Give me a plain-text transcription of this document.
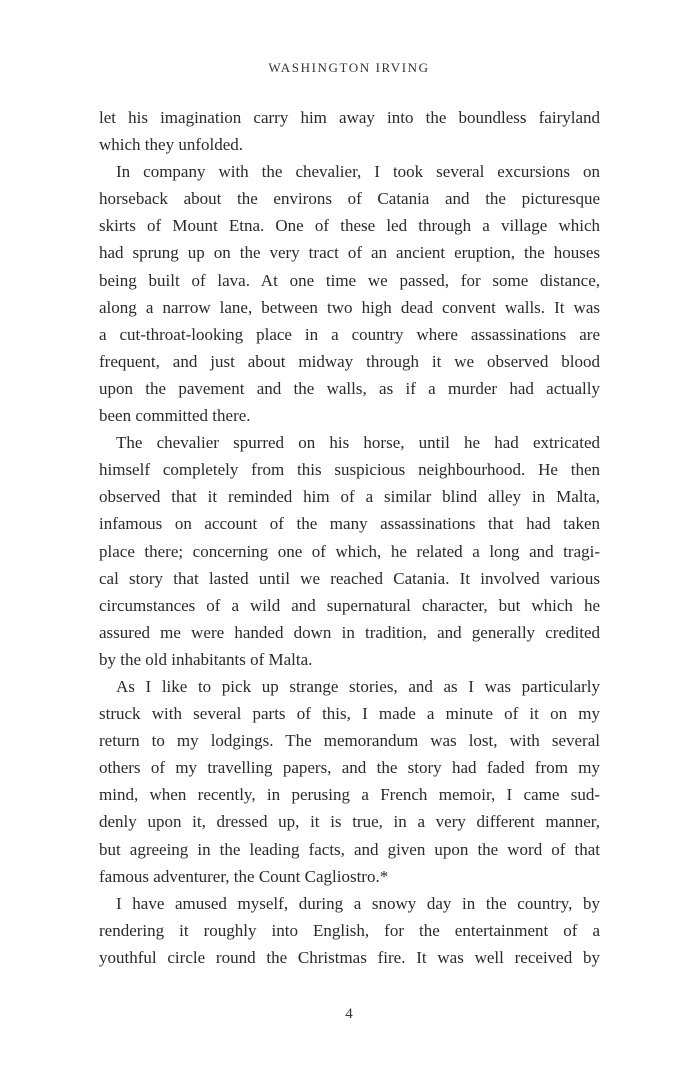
WASHINGTON IRVING
let his imagination carry him away into the boundless fairyland
which they unfolded.
In company with the chevalier, I took several excursions on
horseback about the environs of Catania and the picturesque
skirts of Mount Etna. One of these led through a village which
had sprung up on the very tract of an ancient eruption, the houses
being built of lava. At one time we passed, for some distance,
along a narrow lane, between two high dead convent walls. It was
a cut-throat-looking place in a country where assassinations are
frequent, and just about midway through it we observed blood
upon the pavement and the walls, as if a murder had actually
been committed there.
The chevalier spurred on his horse, until he had extricated
himself completely from this suspicious neighbourhood. He then
observed that it reminded him of a similar blind alley in Malta,
infamous on account of the many assassinations that had taken
place there; concerning one of which, he related a long and tragi-
cal story that lasted until we reached Catania. It involved various
circumstances of a wild and supernatural character, but which he
assured me were handed down in tradition, and generally credited
by the old inhabitants of Malta.
As I like to pick up strange stories, and as I was particularly
struck with several parts of this, I made a minute of it on my
return to my lodgings. The memorandum was lost, with several
others of my travelling papers, and the story had faded from my
mind, when recently, in perusing a French memoir, I came sud-
denly upon it, dressed up, it is true, in a very different manner,
but agreeing in the leading facts, and given upon the word of that
famous adventurer, the Count Cagliostro.*
I have amused myself, during a snowy day in the country, by
rendering it roughly into English, for the entertainment of a
youthful circle round the Christmas fire. It was well received by
4
